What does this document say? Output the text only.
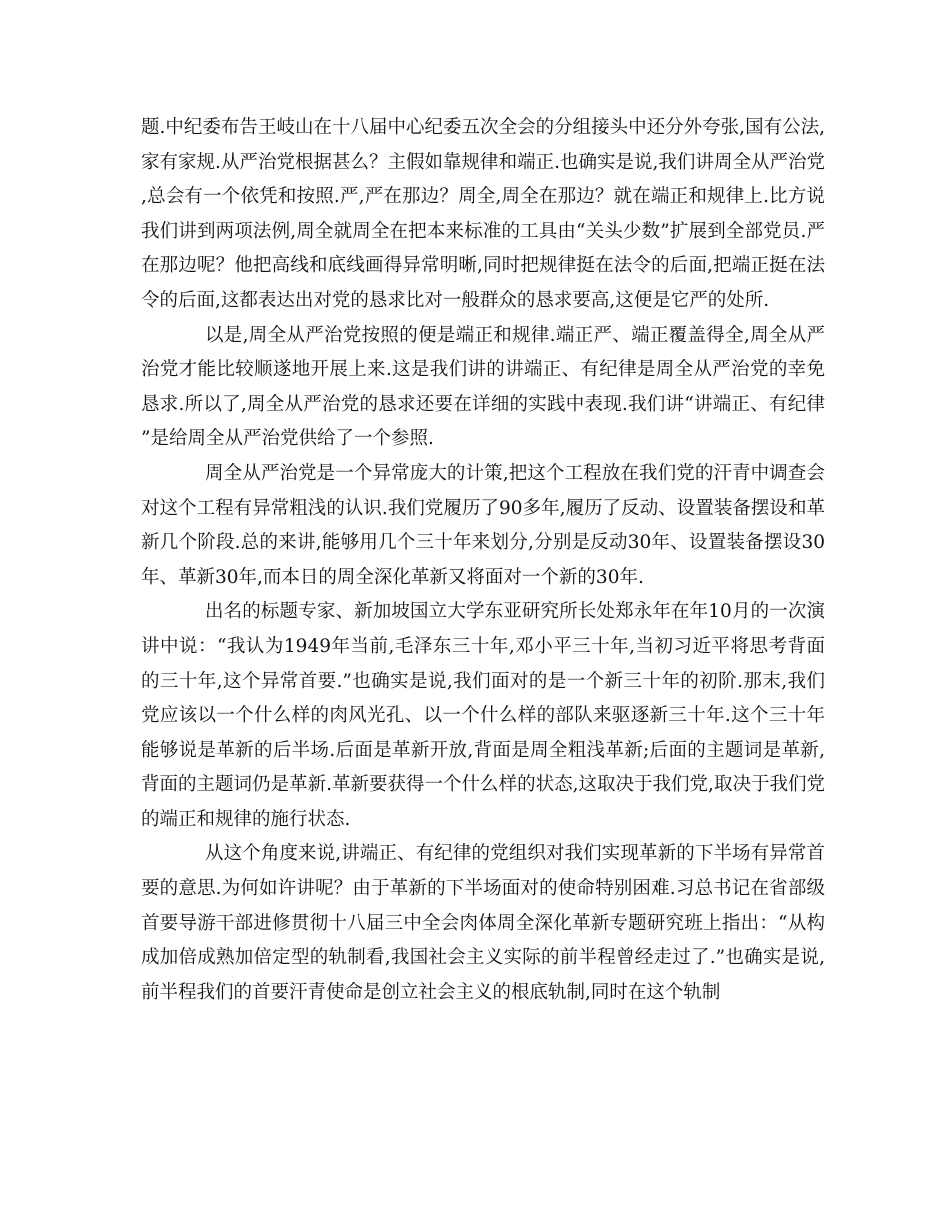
题.中纪委布告王岐山在十八届中心纪委五次全会的分组接头中还分外夸张,国有公法,家有家规.从严治党根据甚么？主假如靠规律和端正.也确实是说,我们讲周全从严治党,总会有一个依凭和按照.严,严在那边？周全,周全在那边？就在端正和规律上.比方说我们讲到两项法例,周全就周全在把本来标准的工具由“关头少数”扩展到全部党员.严在那边呢？他把高线和底线画得异常明晰,同时把规律挺在法令的后面,把端正挺在法令的后面,这都表达出对党的恳求比对一般群众的恳求要高,这便是它严的处所.

以是,周全从严治党按照的便是端正和规律.端正严、端正覆盖得全,周全从严治党才能比较顺遂地开展上来.这是我们讲的讲端正、有纪律是周全从严治党的幸免恳求.所以了,周全从严治党的恳求还要在详细的实践中表现.我们讲“讲端正、有纪律”是给周全从严治党供给了一个参照.

周全从严治党是一个异常庞大的计策,把这个工程放在我们党的汗青中调查会对这个工程有异常粗浅的认识.我们党履历了90多年,履历了反动、设置装备摆设和革新几个阶段.总的来讲,能够用几个三十年来划分,分别是反动30年、设置装备摆设30年、革新30年,而本日的周全深化革新又将面对一个新的30年.

出名的标题专家、新加坡国立大学东亚研究所长处郑永年在年10月的一次演讲中说：“我认为1949年当前,毛泽东三十年,邓小平三十年,当初习近平将思考背面的三十年,这个异常首要.”也确实是说,我们面对的是一个新三十年的初阶.那末,我们党应该以一个什么样的肉风光孔、以一个什么样的部队来驱逐新三十年.这个三十年能够说是革新的后半场.后面是革新开放,背面是周全粗浅革新;后面的主题词是革新,背面的主题词仍是革新.革新要获得一个什么样的状态,这取决于我们党,取决于我们党的端正和规律的施行状态.

从这个角度来说,讲端正、有纪律的党组织对我们实现革新的下半场有异常首要的意思.为何如许讲呢？由于革新的下半场面对的使命特别困难.习总书记在省部级首要导游干部进修贯彻十八届三中全会肉体周全深化革新专题研究班上指出：“从构成加倍成熟加倍定型的轨制看,我国社会主义实际的前半程曾经走过了.”也确实是说,前半程我们的首要汗青使命是创立社会主义的根底轨制,同时在这个轨制
